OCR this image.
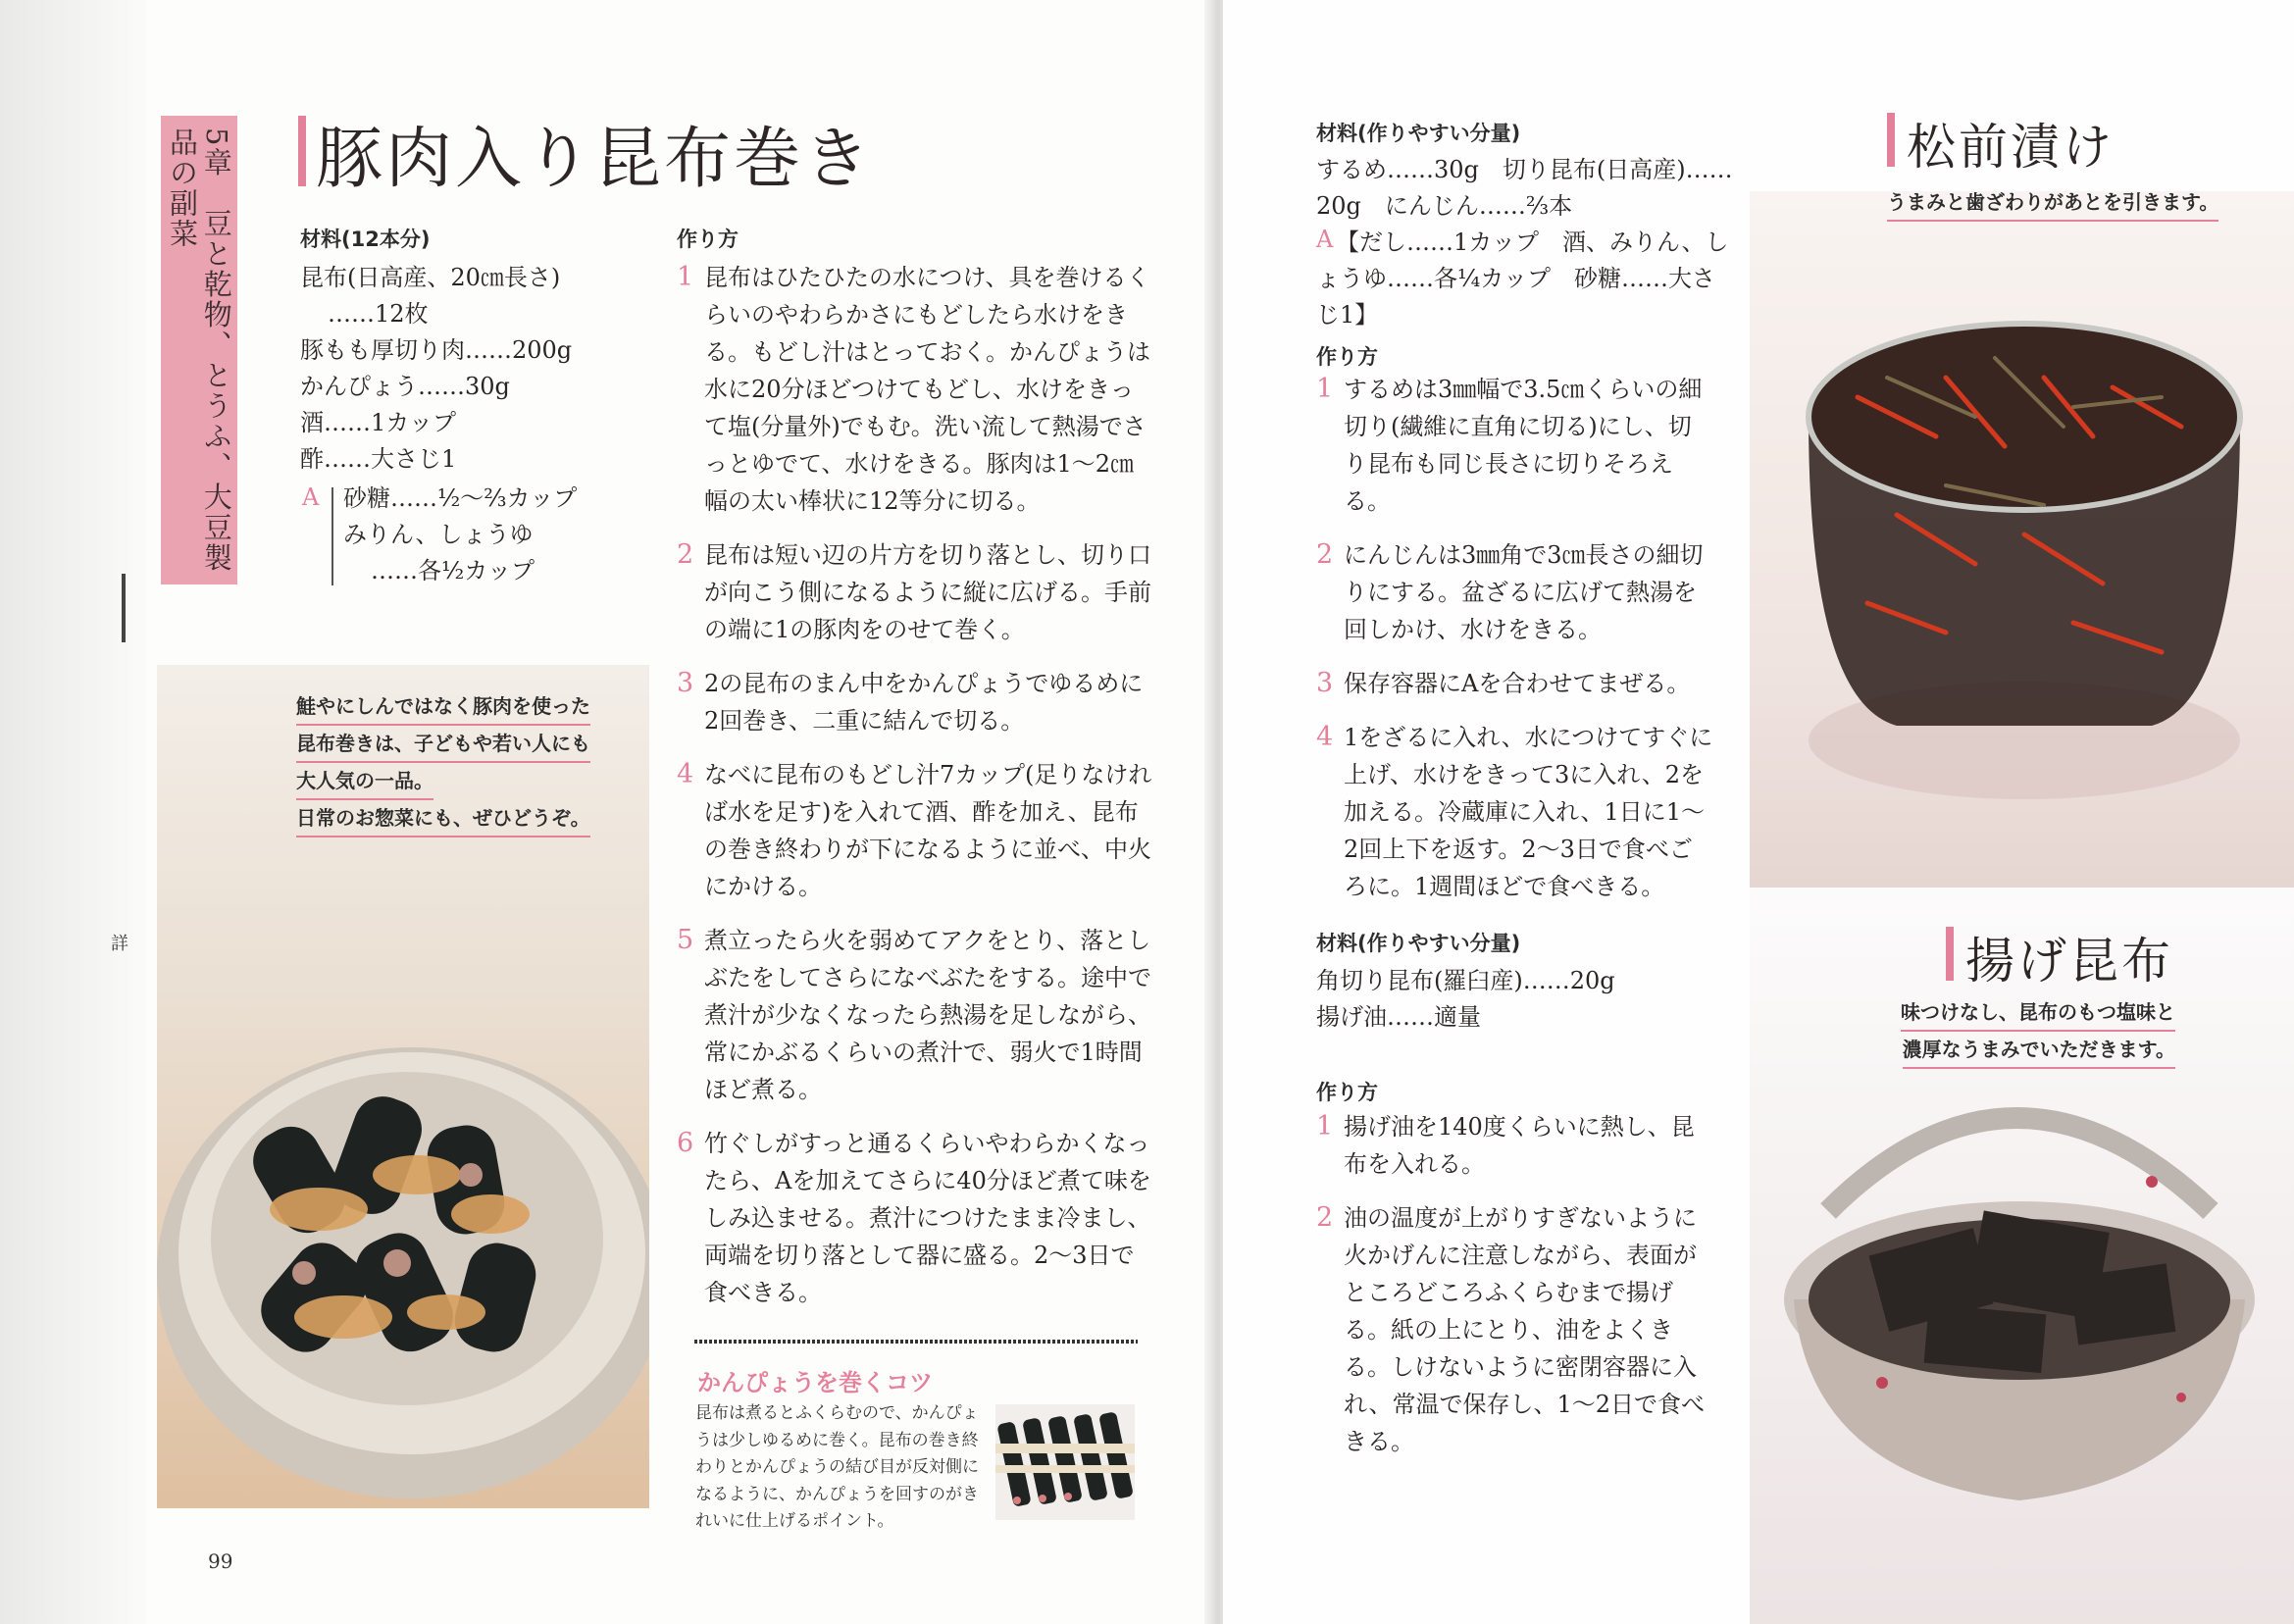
詳
5章　豆と乾物、とうふ、大豆製品の副菜	豚肉入り昆布巻き
材料(12本分)
昆布(日高産、20㎝長さ)
……12枚
豚もも厚切り肉……200g
かんぴょう……30g
酒……1カップ
酢……大さじ1
A 砂糖……½～⅔カップ
みりん、しょうゆ
……各½カップ
作り方
1 昆布はひたひたの水につけ、具を巻けるくらいのやわらかさにもどしたら水けをきる。もどし汁はとっておく。かんぴょうは水に20分ほどつけてもどし、水けをきって塩(分量外)でもむ。洗い流して熱湯でさっとゆでて、水けをきる。豚肉は1～2㎝幅の太い棒状に12等分に切る。
2 昆布は短い辺の片方を切り落とし、切り口が向こう側になるように縦に広げる。手前の端に1の豚肉をのせて巻く。
3 2の昆布のまん中をかんぴょうでゆるめに2回巻き、二重に結んで切る。
4 なべに昆布のもどし汁7カップ(足りなければ水を足す)を入れて酒、酢を加え、昆布の巻き終わりが下になるように並べ、中火にかける。
5 煮立ったら火を弱めてアクをとり、落としぶたをしてさらになべぶたをする。途中で煮汁が少なくなったら熱湯を足しながら、常にかぶるくらいの煮汁で、弱火で1時間ほど煮る。
6 竹ぐしがすっと通るくらいやわらかくなったら、Aを加えてさらに40分ほど煮て味をしみ込ませる。煮汁につけたまま冷まし、両端を切り落として器に盛る。2～3日で食べきる。
鮭やにしんではなく豚肉を使った
昆布巻きは、子どもや若い人にも
大人気の一品。
日常のお惣菜にも、ぜひどうぞ。
かんぴょうを巻くコツ
昆布は煮るとふくらむので、かんぴょうは少しゆるめに巻く。昆布の巻き終わりとかんぴょうの結び目が反対側になるように、かんぴょうを回すのがきれいに仕上げるポイント。
99
材料(作りやすい分量)
するめ……30g　切り昆布(日高産)……
20g　にんじん……⅔本
A 【だし……1カップ　酒、みりん、し
ょうゆ……各¼カップ　砂糖……大さ
じ1】
作り方
1 するめは3㎜幅で3.5㎝くらいの細切り(繊維に直角に切る)にし、切り昆布も同じ長さに切りそろえる。
2 にんじんは3㎜角で3㎝長さの細切りにする。盆ざるに広げて熱湯を回しかけ、水けをきる。
3 保存容器にAを合わせてまぜる。
4 1をざるに入れ、水につけてすぐに上げ、水けをきって3に入れ、2を加える。冷蔵庫に入れ、1日に1～2回上下を返す。2～3日で食べごろに。1週間ほどで食べきる。
材料(作りやすい分量)
角切り昆布(羅臼産)……20g
揚げ油……適量
作り方
1 揚げ油を140度くらいに熱し、昆布を入れる。
2 油の温度が上がりすぎないように火かげんに注意しながら、表面がところどころふくらむまで揚げる。紙の上にとり、油をよくきる。しけないように密閉容器に入れ、常温で保存し、1～2日で食べきる。
松前漬け
うまみと歯ざわりがあとを引きます。
揚げ昆布
味つけなし、昆布のもつ塩味と
濃厚なうまみでいただきます。
